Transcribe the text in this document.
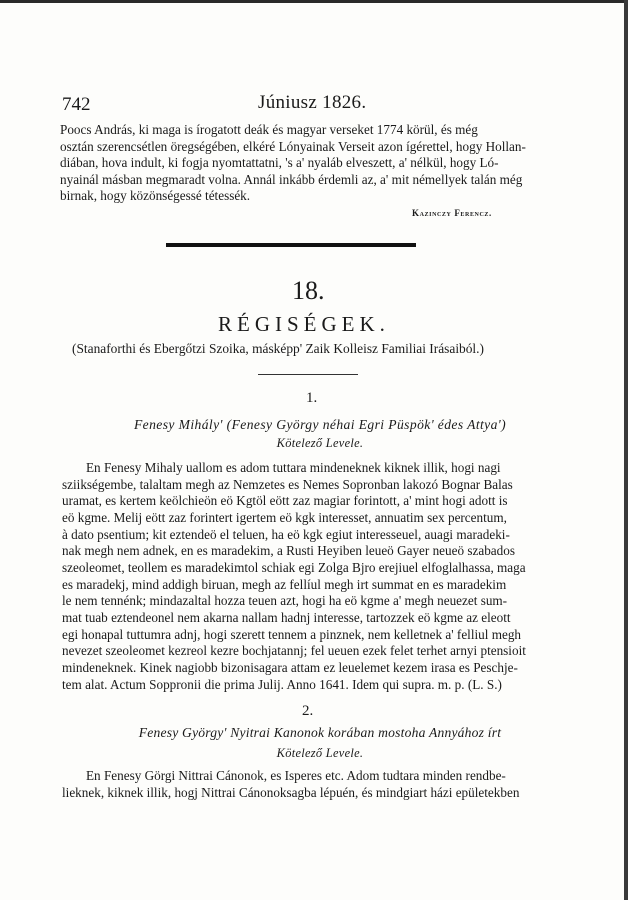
742	Júniusz 1826.
Poocs András, ki maga is írogatott deák és magyar verseket 1774 körül, és még
osztán szerencsétlen öregségében, elkéré Lónyainak Verseit azon ígérettel, hogy Hollan-
diában, hova indult, ki fogja nyomtattatni, 's a' nyaláb elveszett, a' nélkül, hogy Ló-
nyainál másban megmaradt volna. Annál inkább érdemli az, a' mit némellyek talán még
birnak, hogy közönségessé tétessék.
Kazinczy Ferencz.
18.
RÉGISÉGEK.
(Stanaforthi és Ebergőtzi Szoika, másképp' Zaik Kolleisz Familiai Irásaiból.)
1.
Fenesy Mihály' (Fenesy György néhai Egri Püspök' édes Attya')
Kötelező Levele.
En Fenesy Mihaly uallom es adom tuttara mindeneknek kiknek illik, hogi nagi
sziikségembe, talaltam megh az Nemzetes es Nemes Sopronban lakozó Bognar Balas
uramat, es kertem keölchieön eö Kgtöl eött zaz magiar forintott, a' mint hogi adott is
eö kgme. Melij eött zaz forintert igertem eö kgk interesset, annuatim sex percentum,
à dato psentium; kit eztendeö el teluen, ha eö kgk egiut interesseuel, auagi maradeki-
nak megh nem adnek, en es maradekim, a Rusti Heyiben leueö Gayer neueö szabados
szeoleomet, teollem es maradekimtol schiak egi Zolga Bjro erejiuel elfoglalhassa, maga
es maradekj, mind addigh biruan, megh az fellíul megh irt summat en es maradekim
le nem tennénk; mindazaltal hozza teuen azt, hogi ha eö kgme a' megh neuezet sum-
mat tuab eztendeonel nem akarna nallam hadnj interesse, tartozzek eö kgme az eleott
egi honapal tuttumra adnj, hogi szerett tennem a pinznek, nem kelletnek a' felliul megh
nevezet szeoleomet kezreol kezre bochjatannj; fel ueuen ezek felet terhet arnyi ptensioit
mindeneknek. Kinek nagiobb bizonisagara attam ez leuelemet kezem irasa es Peschje-
tem alat. Actum Soppronii die prima Julij. Anno 1641. Idem qui supra. m. p. (L. S.)
2.
Fenesy György' Nyitrai Kanonok korában mostoha Annyához írt
Kötelező Levele.
En Fenesy Görgi Nittrai Cánonok, es Isperes etc. Adom tudtara minden rendbe-
lieknek, kiknek illik, hogj Nittrai Cánonoksagba lépuén, és mindgiart házi epületekben
